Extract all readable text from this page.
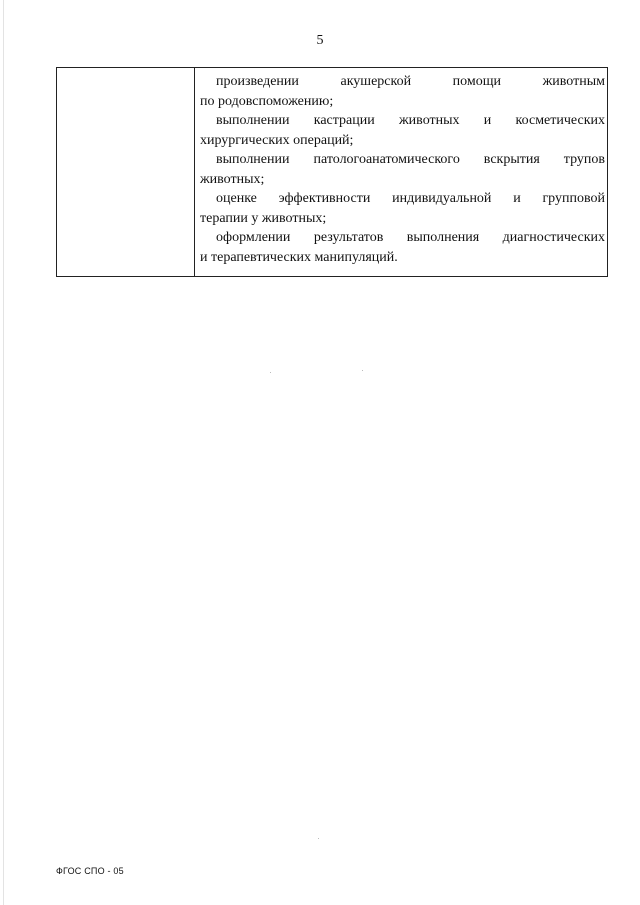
5

произведении акушерской помощи животным
по родовспоможению;

выполнении кастрации животных и косметических
хирургических операций;

выполнении патологоанатомического вскрытия трупов
животных;

оценке эффективности индивидуальной и групповой
терапии у животных;

оформлении результатов выполнения диагностических
и терапевтических манипуляций.

ФГОС СПО - 05
